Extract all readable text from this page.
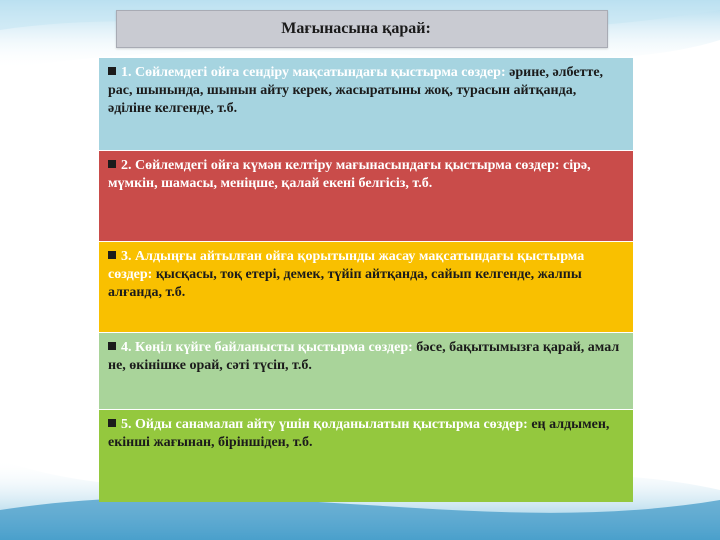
Мағынасына қарай:
1. Сөйлемдегі ойға сендіру мақсатындағы қыстырма сөздер: әрине, әлбетте, рас, шынында, шынын айту керек, жасыратыны жоқ, турасын айтқанда, әділіне келгенде, т.б.
2. Сөйлемдегі ойға күмән келтіру мағынасындағы қыстырма сөздер: сірә, мүмкін, шамасы, меніңше, қалай екені белгісіз, т.б.
3. Алдыңғы айтылған ойға қорытынды жасау мақсатындағы қыстырма сөздер: қысқасы, тоқ етері, демек, түйіп айтқанда, сайып келгенде, жалпы алғанда, т.б.
4. Көңіл күйге байланысты қыстырма сөздер: бәсе, бақытымызға қарай, амал не, өкінішке орай, сәті түсіп, т.б.
5. Ойды санамалап айту үшін қолданылатын қыстырма сөздер: ең алдымен, екінші жағынан, біріншіден, т.б.
